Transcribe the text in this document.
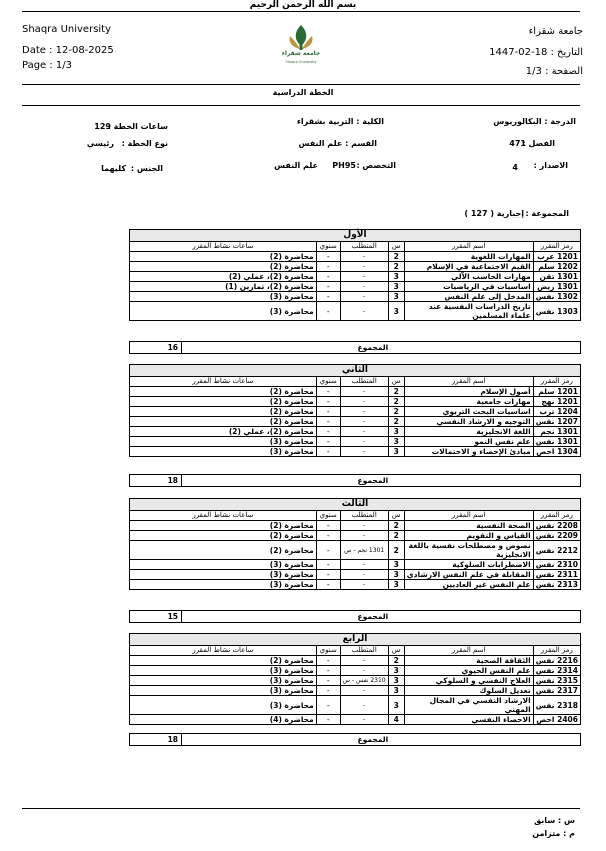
بسم الله الرحمن الرحيم
Shaqra University
Date : 12-08-2025
Page : 1/3
جامعة شقراء
التاريخ : 18-02-1447
الصفحة : 1/3
جامعة شقراء
Shaqra University
الخطة الدراسية
الدرجة : البكالوريوس
الكلية : التربية بشقراء
ساعات الخطة :
129
الفصل :
471
القسم : علم النفس
نوع الخطة :
رئيسي
الاصدار :
4
التخصص :
PH95
علم النفس
الجنس :
كليهما
المجموعة :
إجبارية ( 127 )
الأول					
رمز المقرر	اسم المقرر	س	المتطلب	سنوي	ساعات نشاط المقرر
1201 عرب	المهارات اللغوية	2	-	-	محاضرة (2)
1202 سلم	القيم الاجتماعية في الإسلام	2	-	-	محاضرة (2)
1301 تقن	مهارات الحاسب الآلي	3	-	-	محاضرة (2)، عملي (2)
1301 ريض	اساسيات في الرياضيات	3	-	-	محاضرة (2)، تمارين (1)
1302 نفس	المدخل إلى علم النفس	3	-	-	محاضرة (3)
1303 نفس	تاريخ الدراسات النفسية عند علماء المسلمين	3	-	-	محاضرة (3)
المجموع		16
الثاني					
رمز المقرر	اسم المقرر	س	المتطلب	سنوي	ساعات نشاط المقرر
1201 سلم	أصول الإسلام	2	-	-	محاضرة (2)
1201 نهج	مهارات جامعية	2	-	-	محاضرة (2)
1204 ترب	اساسيات البحث التربوي	2	-	-	محاضرة (2)
1207 نفس	التوجيه و الارشاد النفسي	2	-	-	محاضرة (2)
1301 نجم	اللغة الانجليزية	3	-	-	محاضرة (2)، عملي (2)
1301 نفس	علم نفس النمو	3	-	-	محاضرة (3)
1304 احص	مبادئ الإحصاء و الاحتمالات	3	-	-	محاضرة (3)
المجموع		18
الثالث					
رمز المقرر	اسم المقرر	س	المتطلب	سنوي	ساعات نشاط المقرر
2208 نفس	الصحة النفسية	2	-	-	محاضرة (2)
2209 نفس	القياس و التقويم	2	-	-	محاضرة (2)
2212 نفس	نصوص و مصطلحات نفسية باللغة الانجليزية	2	1301 نجم - س	-	محاضرة (2)
2310 نفس	الاضطرابات السلوكية	3	-	-	محاضرة (3)
2311 نفس	المقابلة في علم النفس الارشادي	3	-	-	محاضرة (3)
2313 نفس	علم النفس غير العاديين	3	-	-	محاضرة (3)
المجموع		15
الرابع					
رمز المقرر	اسم المقرر	س	المتطلب	سنوي	ساعات نشاط المقرر
2216 نفس	الثقافة الصحية	2	-	-	محاضرة (2)
2314 نفس	علم النفس الحيوي	3	-	-	محاضرة (3)
2315 نفس	العلاج النفسي و السلوكي	3	2310 نفس - س	-	محاضرة (3)
2317 نفس	تعديل السلوك	3	-	-	محاضرة (3)
2318 نفس	الارشاد النفسي في المجال المهني	3	-	-	محاضرة (3)
2406 احص	الاحصاء النفسي	4	-	-	محاضرة (4)
المجموع		18
س : سابق
م : متزامن
